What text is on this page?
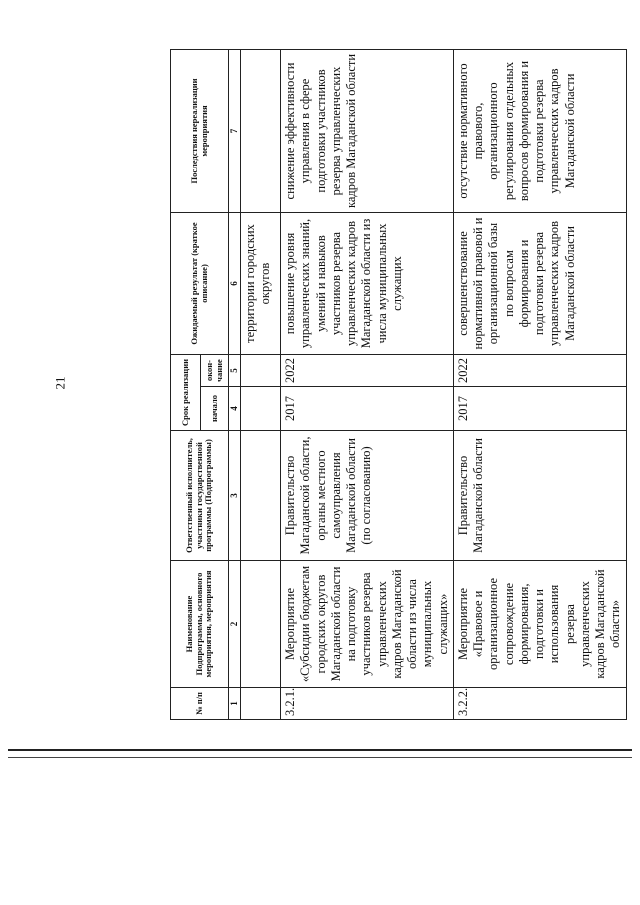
21
№ п/п	Наименование Подпрограммы, основного мероприятия, мероприятия	Ответственный исполнитель, участники государственной программы (Подпрограммы)	Срок реализации		Ожидаемый результат (краткое описание)	Последствия нереализации мероприятия
			начало	окон- чание		
1	2	3	4	5	6	7
					территории городских округов	
3.2.1.	Мероприятие «Субсидии бюджетам городских округов Магаданской области на подготовку участников резерва управленческих кадров Магаданской области из числа муниципальных служащих»	Правительство Магаданской области, органы местного самоуправления Магаданской области (по согласованию)	2017	2022	повышение уровня управленческих знаний, умений и навыков участников резерва управленческих кадров Магаданской области из числа муниципальных служащих	снижение эффективности управления в сфере подготовки участников резерва управленческих кадров Магаданской области
3.2.2.	Мероприятие «Правовое и организационное сопровождение формирования, подготовки и использования резерва управленческих кадров Магаданской области»	Правительство Магаданской области	2017	2022	совершенствование нормативной правовой и организационной базы по вопросам формирования и подготовки резерва управленческих кадров Магаданской области	отсутствие нормативного правового, организационного регулирования отдельных вопросов формирования и подготовки резерва управленческих кадров Магаданской области
